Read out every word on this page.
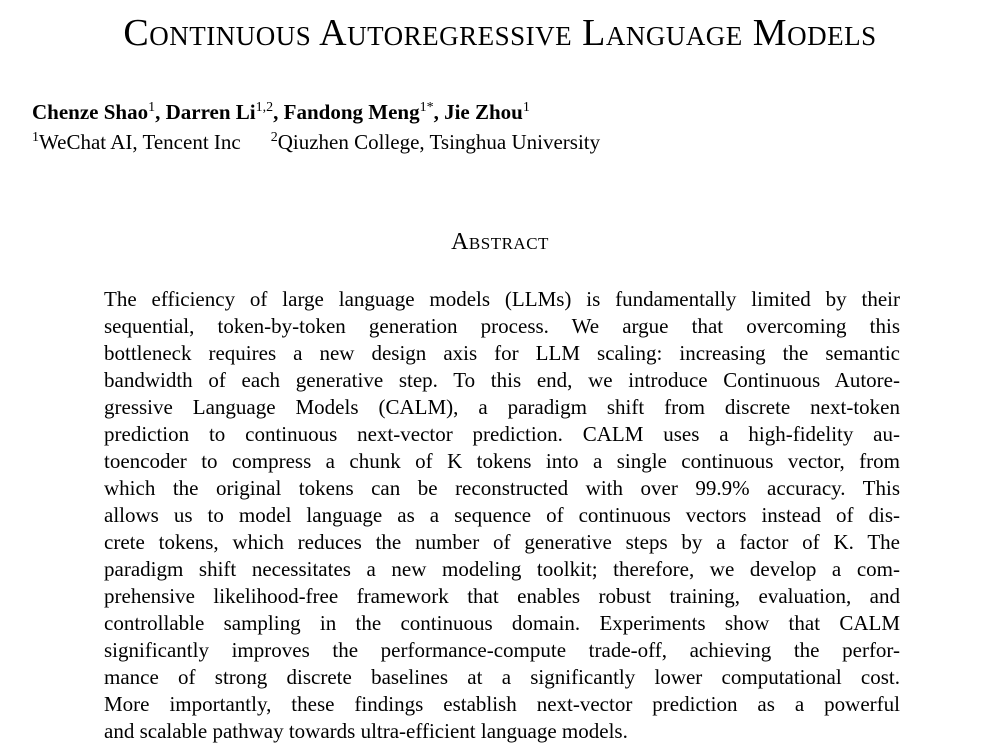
Continuous Autoregressive Language Models
Chenze Shao$^1$, Darren Li$^{1,2}$, Fandong Meng$^{1*}$, Jie Zhou$^1$
$^1$WeChat AI, Tencent Inc $^2$Qiuzhen College, Tsinghua University
Abstract
The efficiency of large language models (LLMs) is fundamentally limited by their
sequential, token-by-token generation process. We argue that overcoming this
bottleneck requires a new design axis for LLM scaling: increasing the semantic
bandwidth of each generative step. To this end, we introduce Continuous Autore-
gressive Language Models (CALM), a paradigm shift from discrete next-token
prediction to continuous next-vector prediction. CALM uses a high-fidelity au-
toencoder to compress a chunk of K tokens into a single continuous vector, from
which the original tokens can be reconstructed with over 99.9% accuracy. This
allows us to model language as a sequence of continuous vectors instead of dis-
crete tokens, which reduces the number of generative steps by a factor of K. The
paradigm shift necessitates a new modeling toolkit; therefore, we develop a com-
prehensive likelihood-free framework that enables robust training, evaluation, and
controllable sampling in the continuous domain. Experiments show that CALM
significantly improves the performance-compute trade-off, achieving the perfor-
mance of strong discrete baselines at a significantly lower computational cost.
More importantly, these findings establish next-vector prediction as a powerful
and scalable pathway towards ultra-efficient language models.
